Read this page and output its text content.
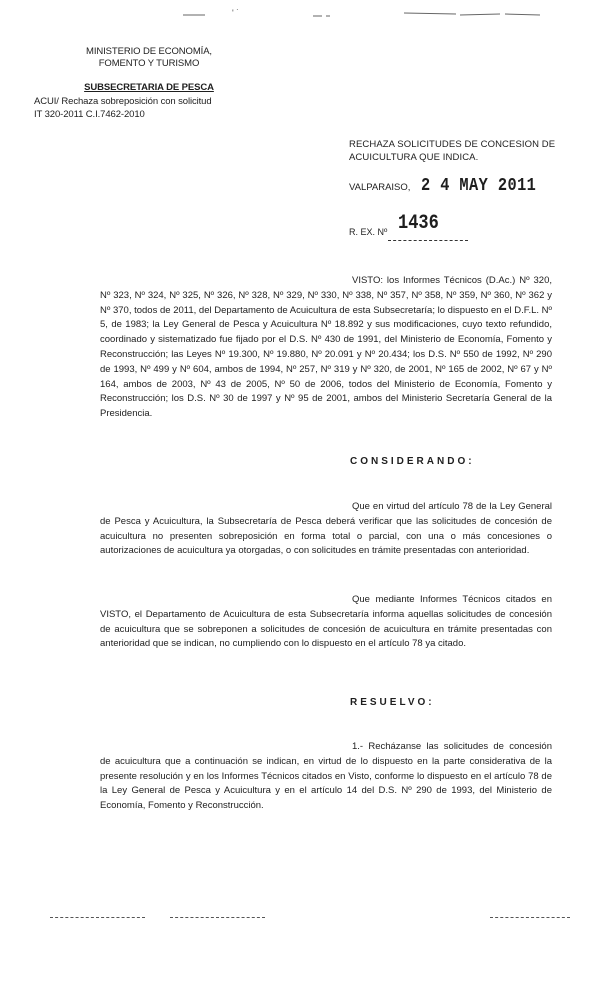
' ˙
MINISTERIO DE ECONOMÍA,
FOMENTO Y TURISMO
SUBSECRETARIA DE PESCA
ACUI/ Rechaza sobreposición con solicitud
IT 320-2011 C.I.7462-2010
RECHAZA SOLICITUDES DE CONCESION DE ACUICULTURA QUE INDICA.
VALPARAISO, 2 4 MAY 2011
R. EX. Nº 1436
VISTO: los Informes Técnicos (D.Ac.) Nº 320, Nº 323, Nº 324, Nº 325, Nº 326, Nº 328, Nº 329, Nº 330, Nº 338, Nº 357, Nº 358, Nº 359, Nº 360, Nº 362 y Nº 370, todos de 2011, del Departamento de Acuicultura de esta Subsecretaría; lo dispuesto en el D.F.L. Nº 5, de 1983; la Ley General de Pesca y Acuicultura Nº 18.892 y sus modificaciones, cuyo texto refundido, coordinado y sistematizado fue fijado por el D.S. Nº 430 de 1991, del Ministerio de Economía, Fomento y Reconstrucción; las Leyes Nº 19.300, Nº 19.880, Nº 20.091 y Nº 20.434; los D.S. Nº 550 de 1992, Nº 290 de 1993, Nº 499 y Nº 604, ambos de 1994, Nº 257, Nº 319 y Nº 320, de 2001, Nº 165 de 2002, Nº 67 y Nº 164, ambos de 2003, Nº 43 de 2005, Nº 50 de 2006, todos del Ministerio de Economía, Fomento y Reconstrucción; los D.S. Nº 30 de 1997 y Nº 95 de 2001, ambos del Ministerio Secretaría General de la Presidencia.
CONSIDERANDO:
Que en virtud del artículo 78 de la Ley General de Pesca y Acuicultura, la Subsecretaría de Pesca deberá verificar que las solicitudes de concesión de acuicultura no presenten sobreposición en forma total o parcial, con una o más concesiones o autorizaciones de acuicultura ya otorgadas, o con solicitudes en trámite presentadas con anterioridad.
Que mediante Informes Técnicos citados en VISTO, el Departamento de Acuicultura de esta Subsecretaría informa aquellas solicitudes de concesión de acuicultura que se sobreponen a solicitudes de concesión de acuicultura en trámite presentadas con anterioridad que se indican, no cumpliendo con lo dispuesto en el artículo 78 ya citado.
RESUELVO:
1.- Recházanse las solicitudes de concesión de acuicultura que a continuación se indican, en virtud de lo dispuesto en la parte considerativa de la presente resolución y en los Informes Técnicos citados en Visto, conforme lo dispuesto en el artículo 78 de la Ley General de Pesca y Acuicultura y en el artículo 14 del D.S. Nº 290 de 1993, del Ministerio de Economía, Fomento y Reconstrucción.
